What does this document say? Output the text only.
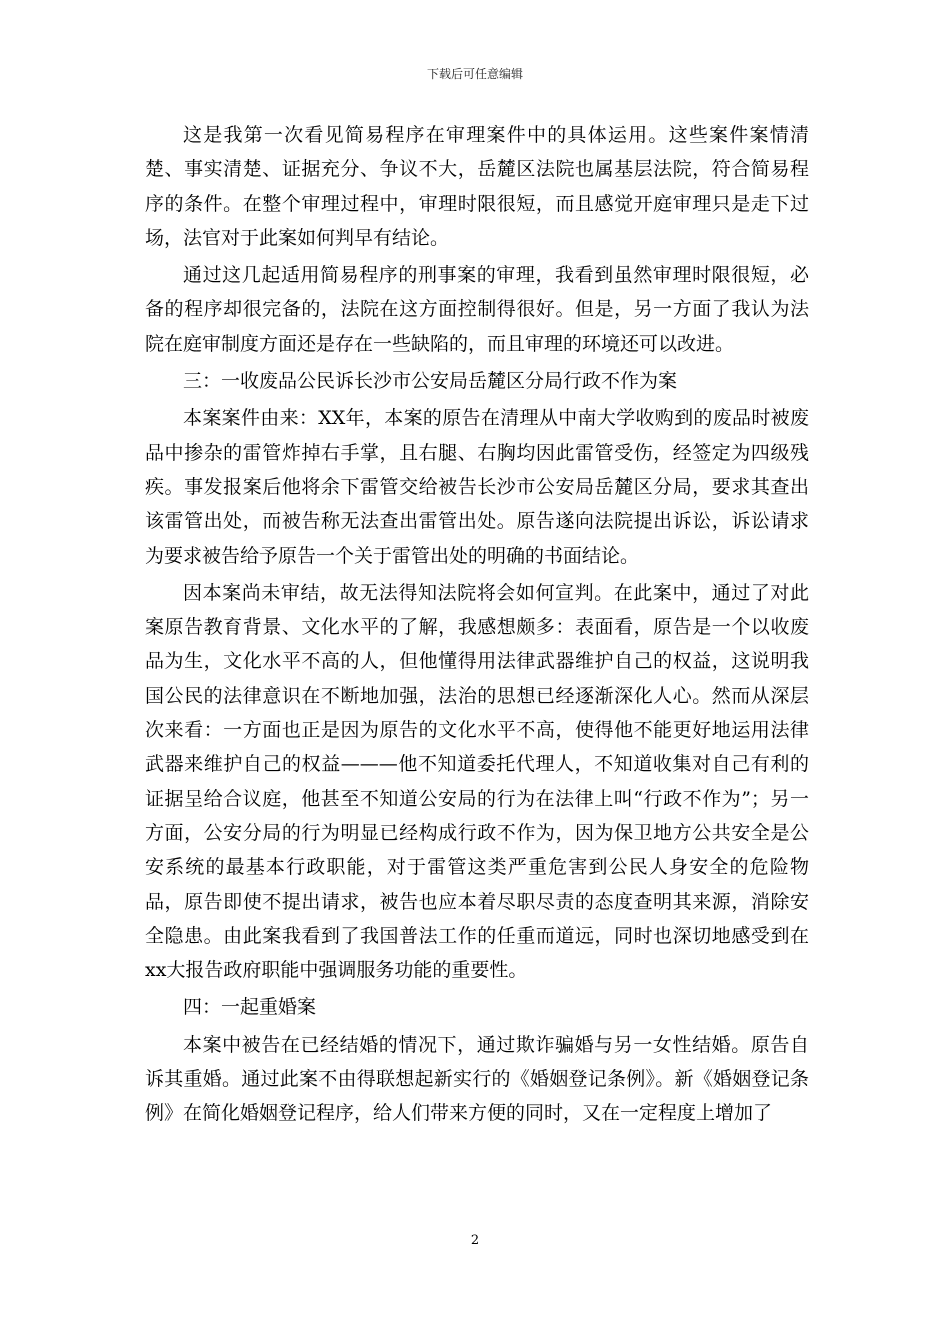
下载后可任意编辑

这是我第一次看见简易程序在审理案件中的具体运用。这些案件案情清楚、事实清楚、证据充分、争议不大，岳麓区法院也属基层法院，符合简易程序的条件。在整个审理过程中，审理时限很短，而且感觉开庭审理只是走下过场，法官对于此案如何判早有结论。

通过这几起适用简易程序的刑事案的审理，我看到虽然审理时限很短，必备的程序却很完备的，法院在这方面控制得很好。但是，另一方面了我认为法院在庭审制度方面还是存在一些缺陷的，而且审理的环境还可以改进。

三：一收废品公民诉长沙市公安局岳麓区分局行政不作为案

本案案件由来：XX年，本案的原告在清理从中南大学收购到的废品时被废品中掺杂的雷管炸掉右手掌，且右腿、右胸均因此雷管受伤，经签定为四级残疾。事发报案后他将余下雷管交给被告长沙市公安局岳麓区分局，要求其查出该雷管出处，而被告称无法查出雷管出处。原告遂向法院提出诉讼，诉讼请求为要求被告给予原告一个关于雷管出处的明确的书面结论。

因本案尚未审结，故无法得知法院将会如何宣判。在此案中，通过了对此案原告教育背景、文化水平的了解，我感想颇多：表面看，原告是一个以收废品为生，文化水平不高的人，但他懂得用法律武器维护自己的权益，这说明我国公民的法律意识在不断地加强，法治的思想已经逐渐深化人心。然而从深层次来看：一方面也正是因为原告的文化水平不高，使得他不能更好地运用法律武器来维护自己的权益———他不知道委托代理人，不知道收集对自己有利的证据呈给合议庭，他甚至不知道公安局的行为在法律上叫“行政不作为”；另一方面，公安分局的行为明显已经构成行政不作为，因为保卫地方公共安全是公安系统的最基本行政职能，对于雷管这类严重危害到公民人身安全的危险物品，原告即使不提出请求，被告也应本着尽职尽责的态度查明其来源，消除安全隐患。由此案我看到了我国普法工作的任重而道远，同时也深切地感受到在xx大报告政府职能中强调服务功能的重要性。

四：一起重婚案

本案中被告在已经结婚的情况下，通过欺诈骗婚与另一女性结婚。原告自诉其重婚。通过此案不由得联想起新实行的《婚姻登记条例》。新《婚姻登记条例》在简化婚姻登记程序，给人们带来方便的同时，又在一定程度上增加了

2
